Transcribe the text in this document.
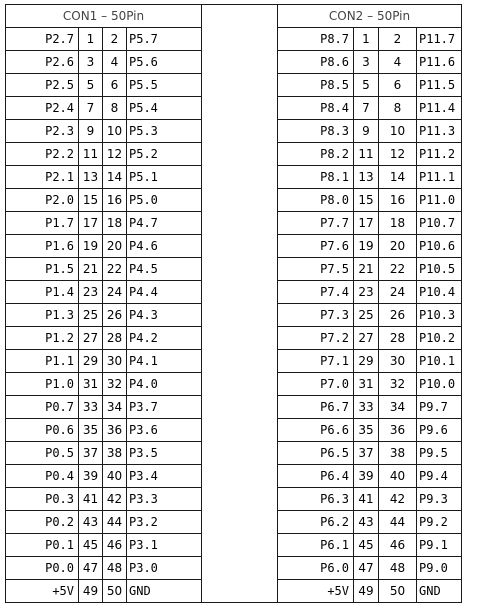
CON1 – 50Pin					CON2 – 50Pin			
P2.7	1	2	P5.7		P8.7	1	2	P11.7
P2.6	3	4	P5.6		P8.6	3	4	P11.6
P2.5	5	6	P5.5		P8.5	5	6	P11.5
P2.4	7	8	P5.4		P8.4	7	8	P11.4
P2.3	9	10	P5.3		P8.3	9	10	P11.3
P2.2	11	12	P5.2		P8.2	11	12	P11.2
P2.1	13	14	P5.1		P8.1	13	14	P11.1
P2.0	15	16	P5.0		P8.0	15	16	P11.0
P1.7	17	18	P4.7		P7.7	17	18	P10.7
P1.6	19	20	P4.6		P7.6	19	20	P10.6
P1.5	21	22	P4.5		P7.5	21	22	P10.5
P1.4	23	24	P4.4		P7.4	23	24	P10.4
P1.3	25	26	P4.3		P7.3	25	26	P10.3
P1.2	27	28	P4.2		P7.2	27	28	P10.2
P1.1	29	30	P4.1		P7.1	29	30	P10.1
P1.0	31	32	P4.0		P7.0	31	32	P10.0
P0.7	33	34	P3.7		P6.7	33	34	P9.7
P0.6	35	36	P3.6		P6.6	35	36	P9.6
P0.5	37	38	P3.5		P6.5	37	38	P9.5
P0.4	39	40	P3.4		P6.4	39	40	P9.4
P0.3	41	42	P3.3		P6.3	41	42	P9.3
P0.2	43	44	P3.2		P6.2	43	44	P9.2
P0.1	45	46	P3.1		P6.1	45	46	P9.1
P0.0	47	48	P3.0		P6.0	47	48	P9.0
+5V	49	50	GND		+5V	49	50	GND
